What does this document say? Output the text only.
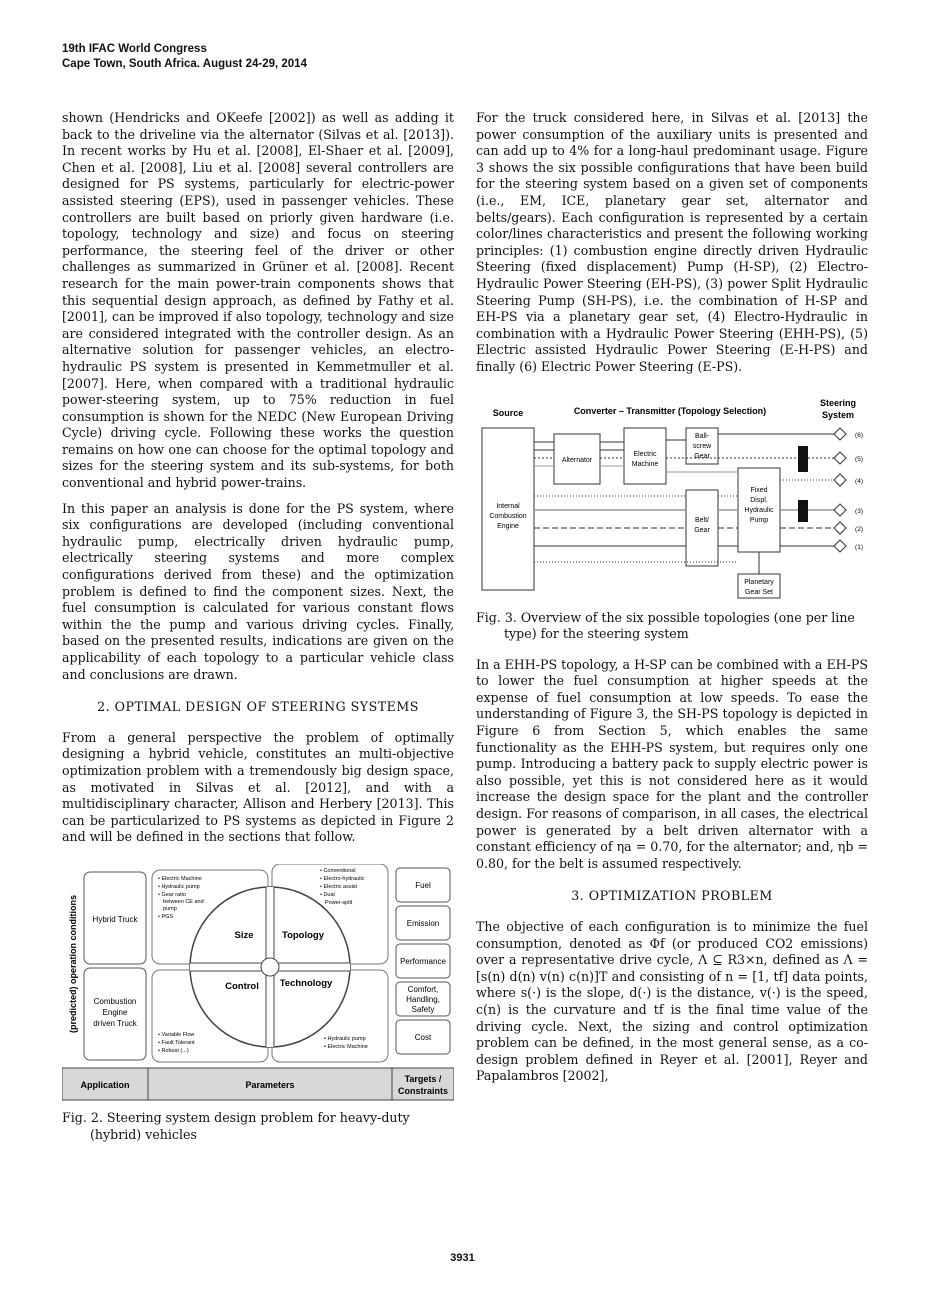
19th IFAC World Congress
Cape Town, South Africa. August 24-29, 2014

shown (Hendricks and OKeefe [2002]) as well as adding it back to the driveline via the alternator (Silvas et al. [2013]). In recent works by Hu et al. [2008], El-Shaer et al. [2009], Chen et al. [2008], Liu et al. [2008] several controllers are designed for PS systems, particularly for electric-power assisted steering (EPS), used in passenger vehicles. These controllers are built based on priorly given hardware (i.e. topology, technology and size) and focus on steering performance, the steering feel of the driver or other challenges as summarized in Grüner et al. [2008]. Recent research for the main power-train components shows that this sequential design approach, as defined by Fathy et al. [2001], can be improved if also topology, technology and size are considered integrated with the controller design. As an alternative solution for passenger vehicles, an electro-hydraulic PS system is presented in Kemmetmuller et al. [2007]. Here, when compared with a traditional hydraulic power-steering system, up to 75% reduction in fuel consumption is shown for the NEDC (New European Driving Cycle) driving cycle. Following these works the question remains on how one can choose for the optimal topology and sizes for the steering system and its sub-systems, for both conventional and hybrid power-trains.

In this paper an analysis is done for the PS system, where six configurations are developed (including conventional hydraulic pump, electrically driven hydraulic pump, electrically steering systems and more complex configurations derived from these) and the optimization problem is defined to find the component sizes. Next, the fuel consumption is calculated for various constant flows within the the pump and various driving cycles. Finally, based on the presented results, indications are given on the applicability of each topology to a particular vehicle class and conclusions are drawn.

2. OPTIMAL DESIGN OF STEERING SYSTEMS

From a general perspective the problem of optimally designing a hybrid vehicle, constitutes an multi-objective optimization problem with a tremendously big design space, as motivated in Silvas et al. [2012], and with a multidisciplinary character, Allison and Herbery [2013]. This can be particularized to PS systems as depicted in Figure 2 and will be defined in the sections that follow.

(predicted) operation conditions Hybrid Truck
Combustion
Engine
driven Truck
• Electric Machine
• Hydraulic pump
• Gear ratio
between CE and
pump
• PGS
• Conventional
• Electro-hydraulic
• Electric assist
• Dual
Power-split
• Variable Flow
• Fault Tolerant
• Robust (...)
• Hydraulic pump
• Electric Machine
Size	Topology
Control Technology
Fuel
Emission
Performance
Comfort,
Handling,
Safety
Cost
Application	Parameters
Targets /
Constraints
Fig. 2. Steering system design problem for heavy-duty (hybrid) vehicles

For the truck considered here, in Silvas et al. [2013] the power consumption of the auxiliary units is presented and can add up to 4% for a long-haul predominant usage. Figure 3 shows the six possible configurations that have been build for the steering system based on a given set of components (i.e., EM, ICE, planetary gear set, alternator and belts/gears). Each configuration is represented by a certain color/lines characteristics and present the following working principles: (1) combustion engine directly driven Hydraulic Steering (fixed displacement) Pump (H-SP), (2) Electro-Hydraulic Power Steering (EH-PS), (3) power Split Hydraulic Steering Pump (SH-PS), i.e. the combination of H-SP and EH-PS via a planetary gear set, (4) Electro-Hydraulic in combination with a Hydraulic Power Steering (EHH-PS), (5) Electric assisted Hydraulic Power Steering (E-H-PS) and finally (6) Electric Power Steering (E-PS).

Source	Converter – Transmitter (Topology Selection)
Steering
System
Internal
Combustion
Engine
Alternator
Electric
Machine
Ball-
screw
Gear
Belt/
Gear
Fixed
Displ.
Hydraulic
Pump
Planetary
Gear Set
(6)
(5)
(4)
(3)
(2)
(1)
Fig. 3. Overview of the six possible topologies (one per line type) for the steering system

In a EHH-PS topology, a H-SP can be combined with a EH-PS to lower the fuel consumption at higher speeds at the expense of fuel consumption at low speeds. To ease the understanding of Figure 3, the SH-PS topology is depicted in Figure 6 from Section 5, which enables the same functionality as the EHH-PS system, but requires only one pump. Introducing a battery pack to supply electric power is also possible, yet this is not considered here as it would increase the design space for the plant and the controller design. For reasons of comparison, in all cases, the electrical power is generated by a belt driven alternator with a constant efficiency of ηa = 0.70, for the alternator; and, ηb = 0.80, for the belt is assumed respectively.

3. OPTIMIZATION PROBLEM

The objective of each configuration is to minimize the fuel consumption, denoted as Φf (or produced CO2 emissions) over a representative drive cycle, Λ ⊆ R3×n, defined as Λ = [s(n) d(n) v(n) c(n)]T and consisting of n = [1, tf] data points, where s(·) is the slope, d(·) is the distance, v(·) is the speed, c(n) is the curvature and tf is the final time value of the driving cycle. Next, the sizing and control optimization problem can be defined, in the most general sense, as a co-design problem defined in Reyer et al. [2001], Reyer and Papalambros [2002],

3931
